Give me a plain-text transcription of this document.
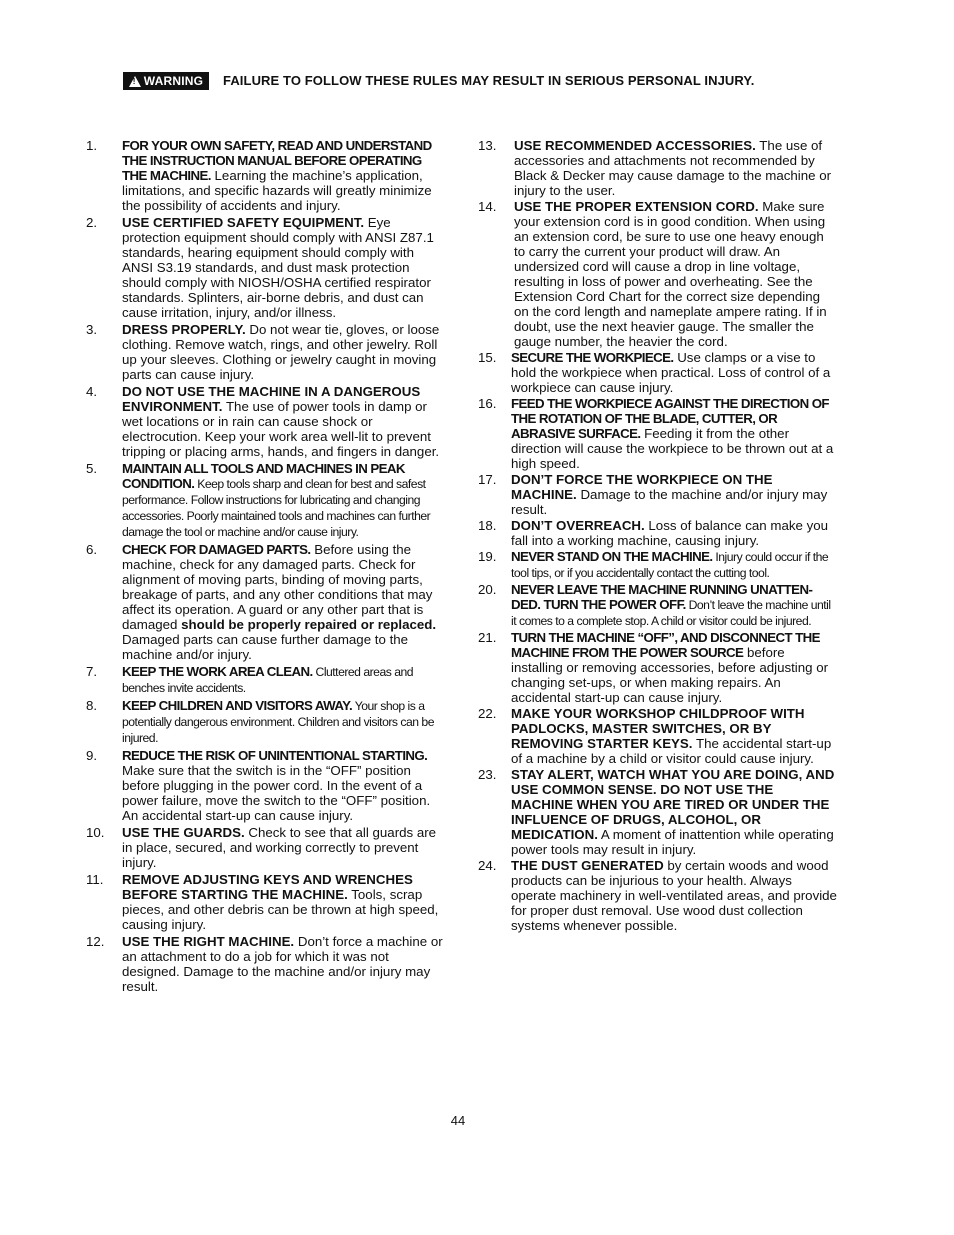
!
WARNING FAILURE TO FOLLOW THESE RULES MAY RESULT IN SERIOUS PERSONAL INJURY.
1. FOR YOUR OWN SAFETY, READ AND UNDERSTAND THE INSTRUCTION MANUAL BEFORE OPERATING THE MACHINE. Learning the machine’s application, limitations, and specific hazards will greatly minimize the possibility of accidents and injury.
2. USE CERTIFIED SAFETY EQUIPMENT. Eye protection equipment should comply with ANSI Z87.1 standards, hearing equipment should comply with ANSI S3.19 standards, and dust mask protection should comply with NIOSH/OSHA certified respirator standards. Splinters, air-borne debris, and dust can cause irritation, injury, and/or illness.
3. DRESS PROPERLY. Do not wear tie, gloves, or loose clothing. Remove watch, rings, and other jewelry. Roll up your sleeves. Clothing or jewelry caught in moving parts can cause injury.
4. DO NOT USE THE MACHINE IN A DANGEROUS ENVIRONMENT. The use of power tools in damp or wet locations or in rain can cause shock or electrocution. Keep your work area well-lit to prevent tripping or placing arms, hands, and fingers in danger.
5. MAINTAIN ALL TOOLS AND MACHINES IN PEAK CONDITION. Keep tools sharp and clean for best and safest performance. Follow instructions for lubricating and changing accessories. Poorly maintained tools and machines can further damage the tool or machine and/or cause injury.
6. CHECK FOR DAMAGED PARTS. Before using the machine, check for any damaged parts. Check for alignment of moving parts, binding of moving parts, breakage of parts, and any other conditions that may affect its operation. A guard or any other part that is damaged should be properly repaired or replaced. Damaged parts can cause further damage to the machine and/or injury.
7. KEEP THE WORK AREA CLEAN. Cluttered areas and benches invite accidents.
8. KEEP CHILDREN AND VISITORS AWAY. Your shop is a potentially dangerous environment. Children and visitors can be injured.
9. REDUCE THE RISK OF UNINTENTIONAL STARTING. Make sure that the switch is in the “OFF” position before plugging in the power cord. In the event of a power failure, move the switch to the “OFF” position. An accidental start-up can cause injury.
10. USE THE GUARDS. Check to see that all guards are in place, secured, and working correctly to prevent injury.
11. REMOVE ADJUSTING KEYS AND WRENCHES BEFORE STARTING THE MACHINE. Tools, scrap pieces, and other debris can be thrown at high speed, causing injury.
12. USE THE RIGHT MACHINE. Don’t force a machine or an attachment to do a job for which it was not designed. Damage to the machine and/or injury may result.
13. USE RECOMMENDED ACCESSORIES. The use of accessories and attachments not recommended by Black & Decker may cause damage to the machine or injury to the user.
14. USE THE PROPER EXTENSION CORD. Make sure your extension cord is in good condition. When using an extension cord, be sure to use one heavy enough to carry the current your product will draw. An undersized cord will cause a drop in line voltage, resulting in loss of power and overheating. See the Extension Cord Chart for the correct size depending on the cord length and nameplate ampere rating. If in doubt, use the next heavier gauge. The smaller the gauge number, the heavier the cord.
15. SECURE THE WORKPIECE. Use clamps or a vise to hold the workpiece when practical. Loss of control of a workpiece can cause injury.
16. FEED THE WORKPIECE AGAINST THE DIRECTION OF THE ROTATION OF THE BLADE, CUTTER, OR ABRASIVE SURFACE. Feeding it from the other direction will cause the workpiece to be thrown out at a high speed.
17. DON’T FORCE THE WORKPIECE ON THE MACHINE. Damage to the machine and/or injury may result.
18. DON’T OVERREACH. Loss of balance can make you fall into a working machine, causing injury.
19. NEVER STAND ON THE MACHINE. Injury could occur if the tool tips, or if you accidentally contact the cutting tool.
20. NEVER LEAVE THE MACHINE RUNNING UNATTEN-DED. TURN THE POWER OFF. Don’t leave the machine until it comes to a complete stop. A child or visitor could be injured.
21. TURN THE MACHINE “OFF”, AND DISCONNECT THE MACHINE FROM THE POWER SOURCE before installing or removing accessories, before adjusting or changing set-ups, or when making repairs. An accidental start-up can cause injury.
22. MAKE YOUR WORKSHOP CHILDPROOF WITH PADLOCKS, MASTER SWITCHES, OR BY REMOVING STARTER KEYS. The accidental start-up of a machine by a child or visitor could cause injury.
23. STAY ALERT, WATCH WHAT YOU ARE DOING, AND USE COMMON SENSE. DO NOT USE THE MACHINE WHEN YOU ARE TIRED OR UNDER THE INFLUENCE OF DRUGS, ALCOHOL, OR MEDICATION. A moment of inattention while operating power tools may result in injury.
24. THE DUST GENERATED by certain woods and wood products can be injurious to your health. Always operate machinery in well-ventilated areas, and provide for proper dust removal. Use wood dust collection systems whenever possible.
44
